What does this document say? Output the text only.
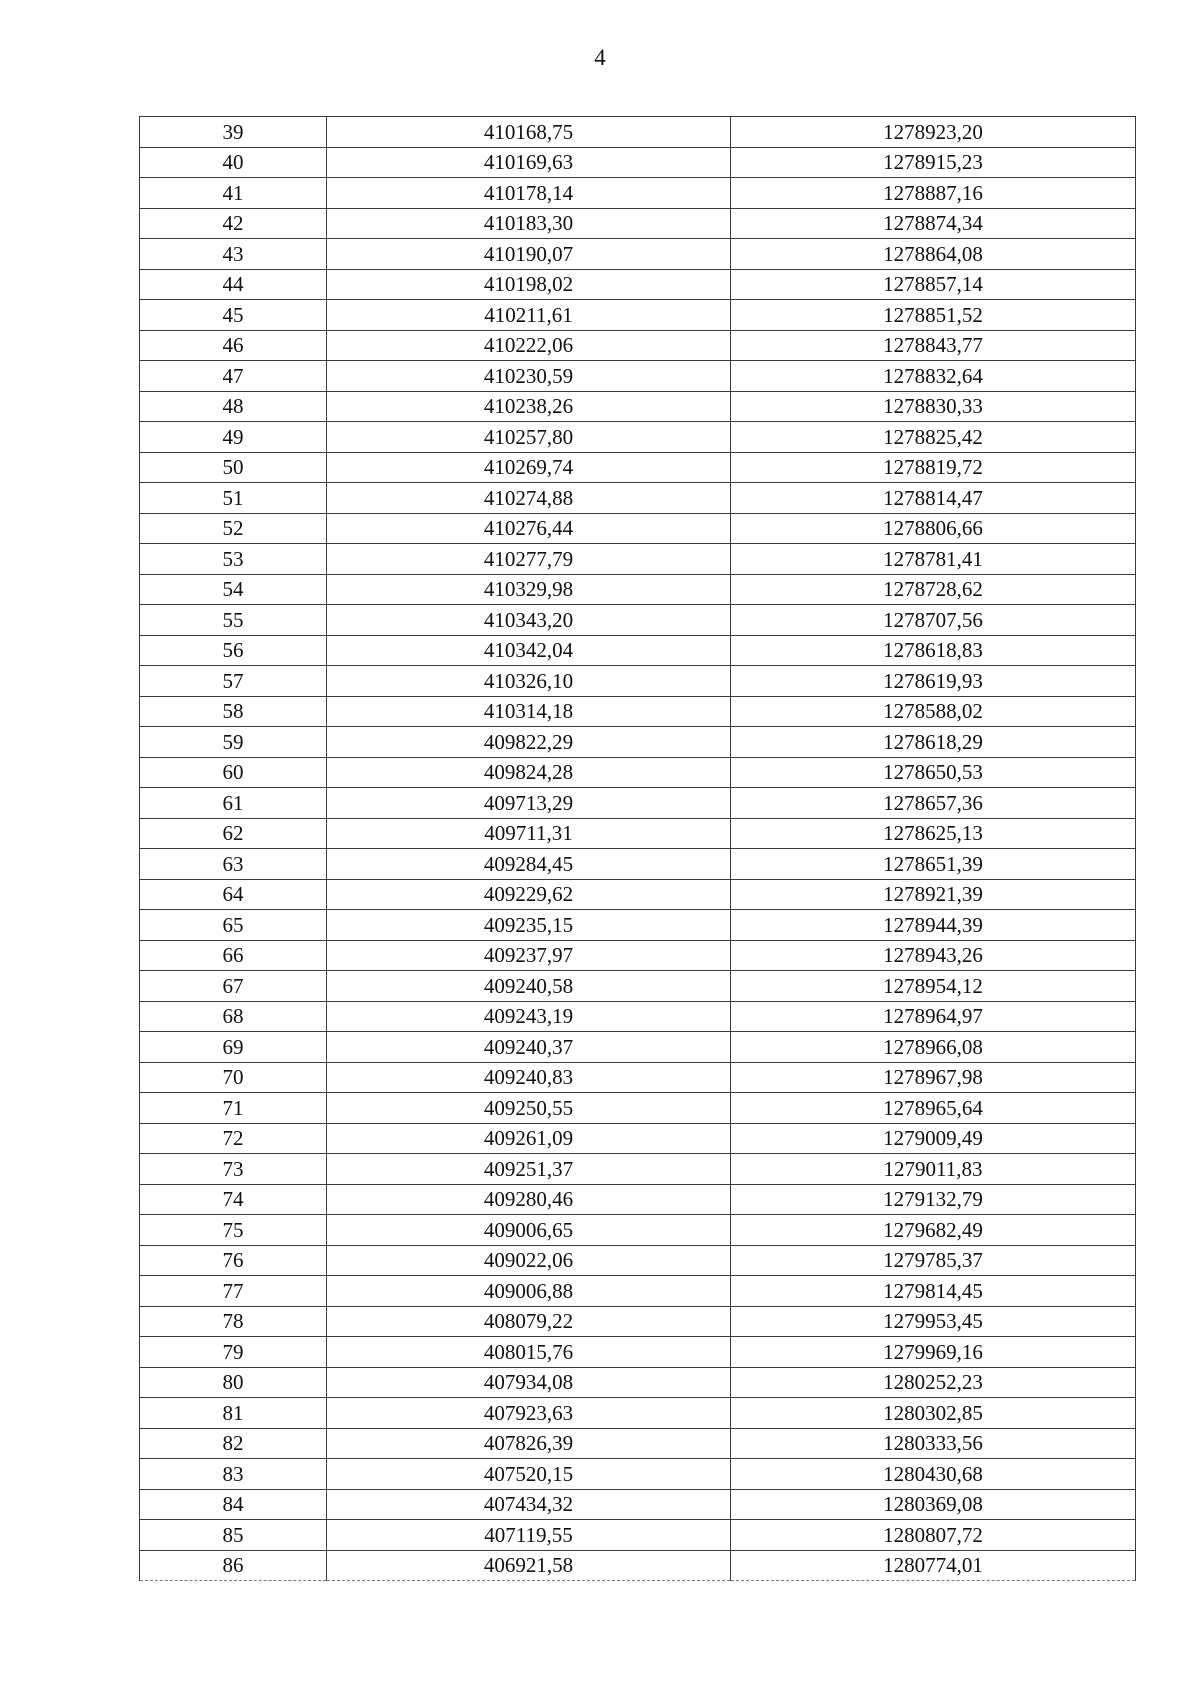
4
39	410168,75	1278923,20
40	410169,63	1278915,23
41	410178,14	1278887,16
42	410183,30	1278874,34
43	410190,07	1278864,08
44	410198,02	1278857,14
45	410211,61	1278851,52
46	410222,06	1278843,77
47	410230,59	1278832,64
48	410238,26	1278830,33
49	410257,80	1278825,42
50	410269,74	1278819,72
51	410274,88	1278814,47
52	410276,44	1278806,66
53	410277,79	1278781,41
54	410329,98	1278728,62
55	410343,20	1278707,56
56	410342,04	1278618,83
57	410326,10	1278619,93
58	410314,18	1278588,02
59	409822,29	1278618,29
60	409824,28	1278650,53
61	409713,29	1278657,36
62	409711,31	1278625,13
63	409284,45	1278651,39
64	409229,62	1278921,39
65	409235,15	1278944,39
66	409237,97	1278943,26
67	409240,58	1278954,12
68	409243,19	1278964,97
69	409240,37	1278966,08
70	409240,83	1278967,98
71	409250,55	1278965,64
72	409261,09	1279009,49
73	409251,37	1279011,83
74	409280,46	1279132,79
75	409006,65	1279682,49
76	409022,06	1279785,37
77	409006,88	1279814,45
78	408079,22	1279953,45
79	408015,76	1279969,16
80	407934,08	1280252,23
81	407923,63	1280302,85
82	407826,39	1280333,56
83	407520,15	1280430,68
84	407434,32	1280369,08
85	407119,55	1280807,72
86	406921,58	1280774,01
